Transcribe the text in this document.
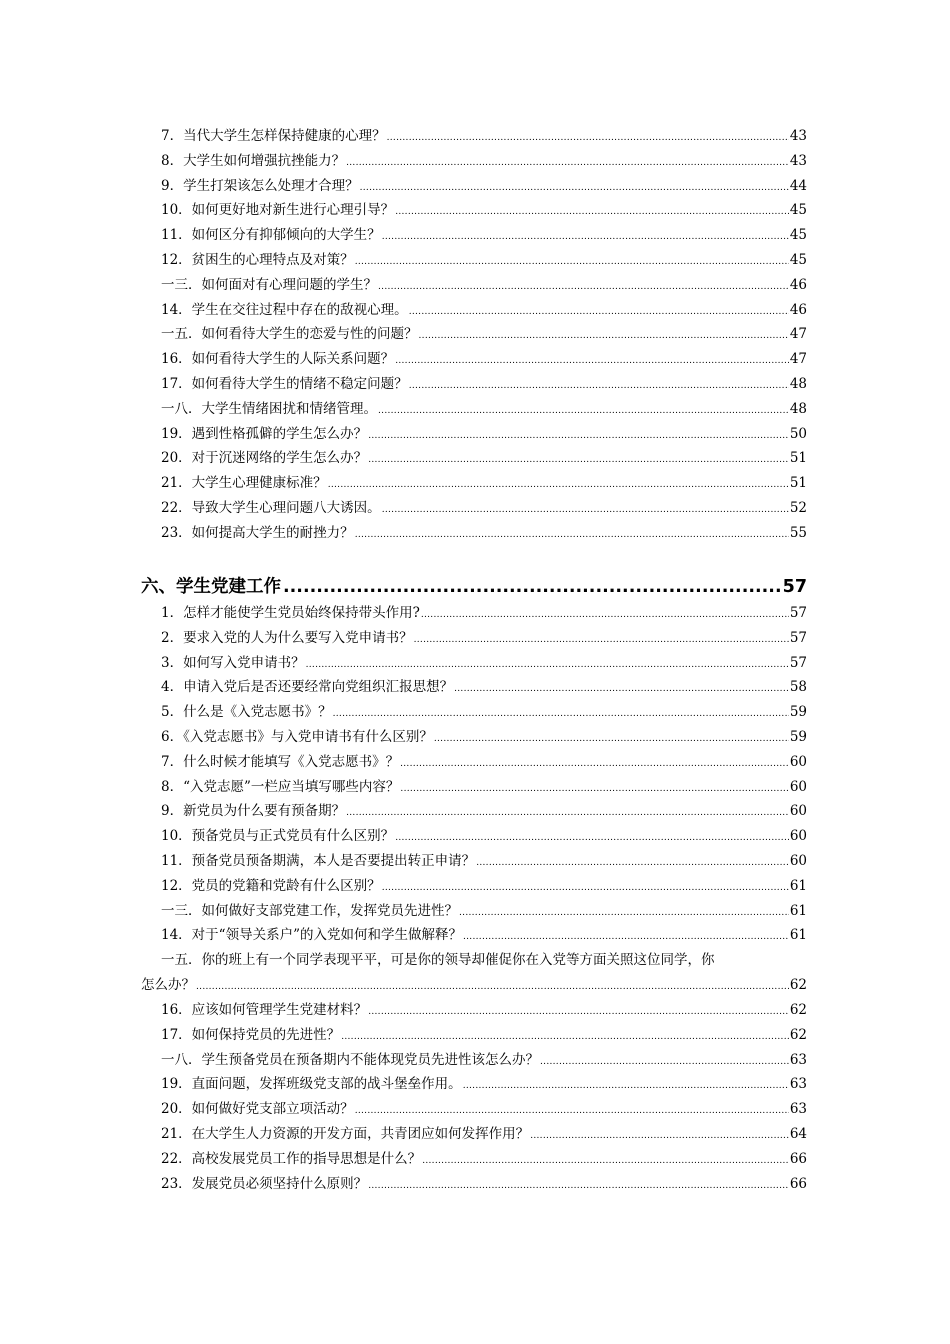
7．当代大学生怎样保持健康的心理？ .....	43
8．大学生如何增强抗挫能力？ .....	43
9．学生打架该怎么处理才合理？ .....	44
10．如何更好地对新生进行心理引导？ .....	45
11．如何区分有抑郁倾向的大学生？ .....	45
12．贫困生的心理特点及对策？ .....	45
一三．如何面对有心理问题的学生？ .....	46
14．学生在交往过程中存在的敌视心理。 .....	46
一五．如何看待大学生的恋爱与性的问题？ .....	47
16．如何看待大学生的人际关系问题？ .....	47
17．如何看待大学生的情绪不稳定问题？ .....	48
一八．大学生情绪困扰和情绪管理。 .....	48
19．遇到性格孤僻的学生怎么办？ .....	50
20．对于沉迷网络的学生怎么办？ .....	51
21．大学生心理健康标准？ .....	51
22．导致大学生心理问题八大诱因。 .....	52
23．如何提高大学生的耐挫力？ .....	55
六、学生党建工作 .....	57
1．怎样才能使学生党员始终保持带头作用? .....	57
2．要求入党的人为什么要写入党申请书？ .....	57
3．如何写入党申请书？ .....	57
4．申请入党后是否还要经常向党组织汇报思想？ .....	58
5．什么是《入党志愿书》？ .....	59
6．《入党志愿书》与入党申请书有什么区别？ .....	59
7．什么时候才能填写《入党志愿书》？ .....	60
8．“入党志愿”一栏应当填写哪些内容？ .....	60
9．新党员为什么要有预备期？ .....	60
10．预备党员与正式党员有什么区别？ .....	60
11．预备党员预备期满，本人是否要提出转正申请？ .....	60
12．党员的党籍和党龄有什么区别？ .....	61
一三．如何做好支部党建工作，发挥党员先进性？ .....	61
14．对于“领导关系户”的入党如何和学生做解释？ .....	61
一五．你的班上有一个同学表现平平，可是你的领导却催促你在入党等方面关照这位同学，你
怎么办？ .....	62
16．应该如何管理学生党建材料？ .....	62
17．如何保持党员的先进性？ .....	62
一八．学生预备党员在预备期内不能体现党员先进性该怎么办？ .....	63
19．直面问题，发挥班级党支部的战斗堡垒作用。 .....	63
20．如何做好党支部立项活动？ .....	63
21．在大学生人力资源的开发方面，共青团应如何发挥作用？ .....	64
22．高校发展党员工作的指导思想是什么？ .....	66
23．发展党员必须坚持什么原则？ .....	66
